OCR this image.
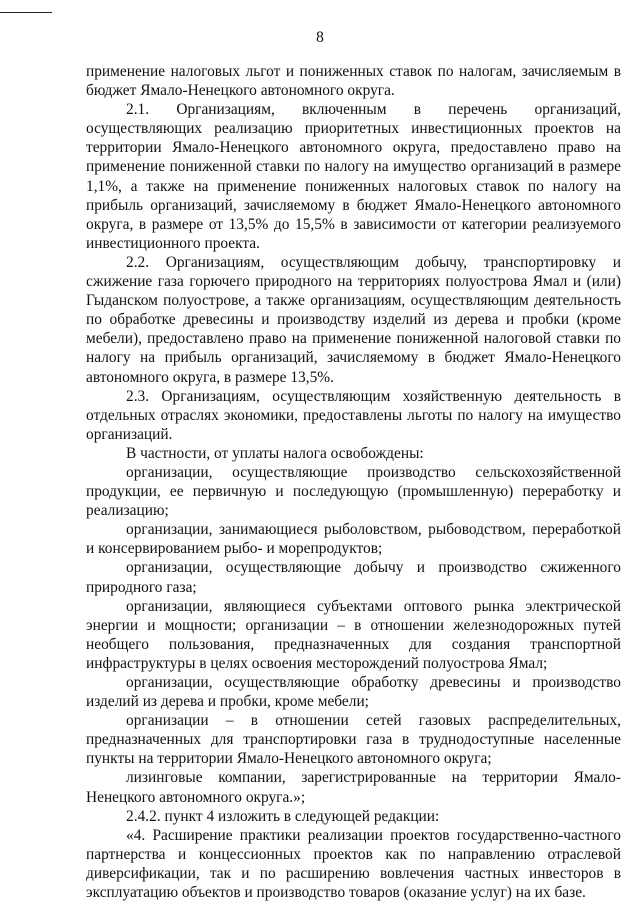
8

применение налоговых льгот и пониженных ставок по налогам, зачисляемым в бюджет Ямало-Ненецкого автономного округа.

2.1. Организациям, включенным в перечень организаций, осуществляющих реализацию приоритетных инвестиционных проектов на территории Ямало-Ненецкого автономного округа, предоставлено право на применение пониженной ставки по налогу на имущество организаций в размере 1,1%, а также на применение пониженных налоговых ставок по налогу на прибыль организаций, зачисляемому в бюджет Ямало-Ненецкого автономного округа, в размере от 13,5% до 15,5% в зависимости от категории реализуемого инвестиционного проекта.

2.2. Организациям, осуществляющим добычу, транспортировку и сжижение газа горючего природного на территориях полуострова Ямал и (или) Гыданском полуострове, а также организациям, осуществляющим деятельность по обработке древесины и производству изделий из дерева и пробки (кроме мебели), предоставлено право на применение пониженной налоговой ставки по налогу на прибыль организаций, зачисляемому в бюджет Ямало-Ненецкого автономного округа, в размере 13,5%.

2.3. Организациям, осуществляющим хозяйственную деятельность в отдельных отраслях экономики, предоставлены льготы по налогу на имущество организаций.

В частности, от уплаты налога освобождены:

организации, осуществляющие производство сельскохозяйственной продукции, ее первичную и последующую (промышленную) переработку и реализацию;

организации, занимающиеся рыболовством, рыбоводством, переработкой и консервированием рыбо- и морепродуктов;

организации, осуществляющие добычу и производство сжиженного природного газа;

организации, являющиеся субъектами оптового рынка электрической энергии и мощности; организации – в отношении железнодорожных путей необщего пользования, предназначенных для создания транспортной инфраструктуры в целях освоения месторождений полуострова Ямал;

организации, осуществляющие обработку древесины и производство изделий из дерева и пробки, кроме мебели;

организации – в отношении сетей газовых распределительных, предназначенных для транспортировки газа в труднодоступные населенные пункты на территории Ямало-Ненецкого автономного округа;

лизинговые компании, зарегистрированные на территории Ямало-Ненецкого автономного округа.»;

2.4.2. пункт 4 изложить в следующей редакции:

«4. Расширение практики реализации проектов государственно-частного партнерства и концессионных проектов как по направлению отраслевой диверсификации, так и по расширению вовлечения частных инвесторов в эксплуатацию объектов и производство товаров (оказание услуг) на их базе.
